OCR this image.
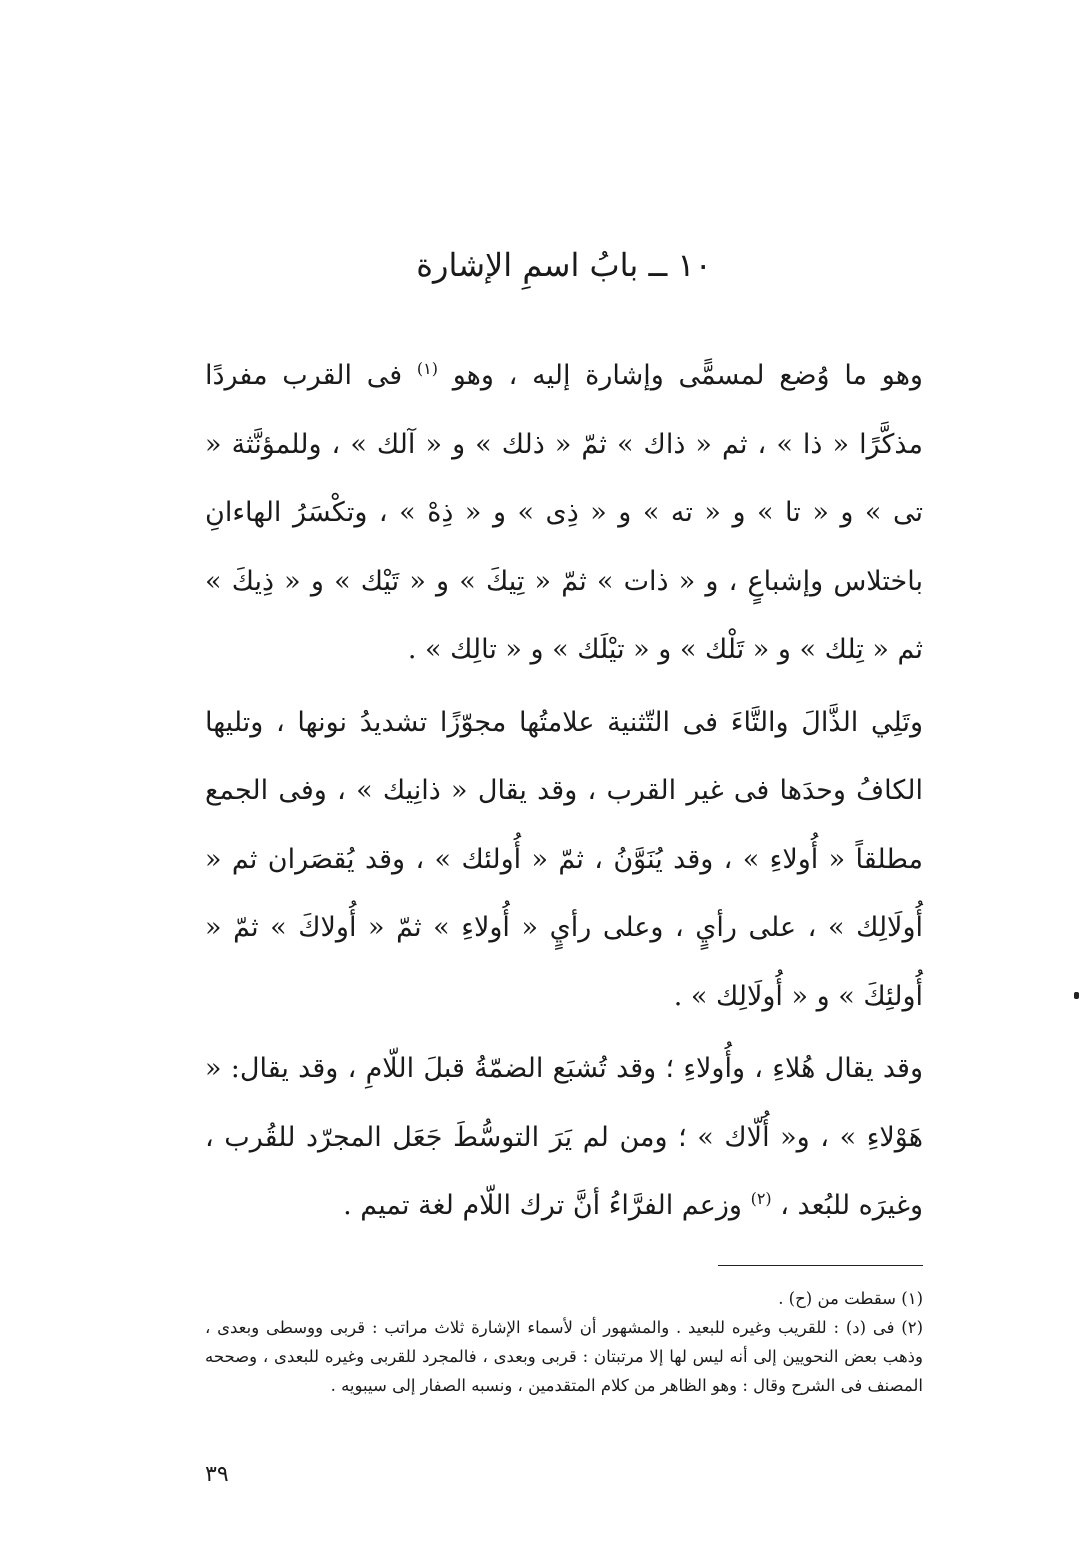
١٠ ــ بابُ اسمِ الإشارة

وهو ما وُضع لمسمًّى وإشارة إليه ، وهو $^{(١)}$ فى القرب مفردًا مذكَّرًا « ذا » ، ثم « ذاك » ثمّ « ذلك » و « آلك » ، وللمؤنَّثة « تى » و « تا » و « ته » و « ذِى » و « ذِهْ » ، وتكْسَرُ الهاءانِ باختلاس وإشباعٍ ، و « ذات » ثمّ « تِيكَ » و « تَيْك » و « ذِيكَ » ثم « تِلك » و « تَلْك » و « تيْلَك » و « تالِك » .

وتَلِي الذَّالَ والتَّاءَ فى التّثنية علامتُها مجوّزًا تشديدُ نونها ، وتليها الكافُ وحدَها فى غير القرب ، وقد يقال « ذانِيك » ، وفى الجمع مطلقاً « أُولاءِ » ، وقد يُنَوَّنُ ، ثمّ « أُولئك » ، وقد يُقصَران ثم « أُولَالِك » ، على رأيٍ ، وعلى رأيٍ « أُولاءِ » ثمّ « أُولاكَ » ثمّ « أُولئِكَ » و « أُولَالِك » .

وقد يقال هُلاءِ ، وأُولاءِ ؛ وقد تُشبَع الضمّةُ قبلَ اللّامِ ، وقد يقال: « هَوْلاءِ » ، و« أُلّاك » ؛ ومن لم يَرَ التوسُّطَ جَعَل المجرّد للقُرب ، وغيرَه للبُعد ، $^{(٢)}$ وزعم الفرَّاءُ أنَّ ترك اللّام لغة تميم .

(١) سقطت من (ح) .

(٢) فى (د) : للقريب وغيره للبعيد . والمشهور أن لأسماء الإشارة ثلاث مراتب : قربى ووسطى وبعدى ، وذهب بعض النحويين إلى أنه ليس لها إلا مرتبتان : قربى وبعدى ، فالمجرد للقربى وغيره للبعدى ، وصححه المصنف فى الشرح وقال : وهو الظاهر من كلام المتقدمين ، ونسبه الصفار إلى سيبويه .

٣٩
